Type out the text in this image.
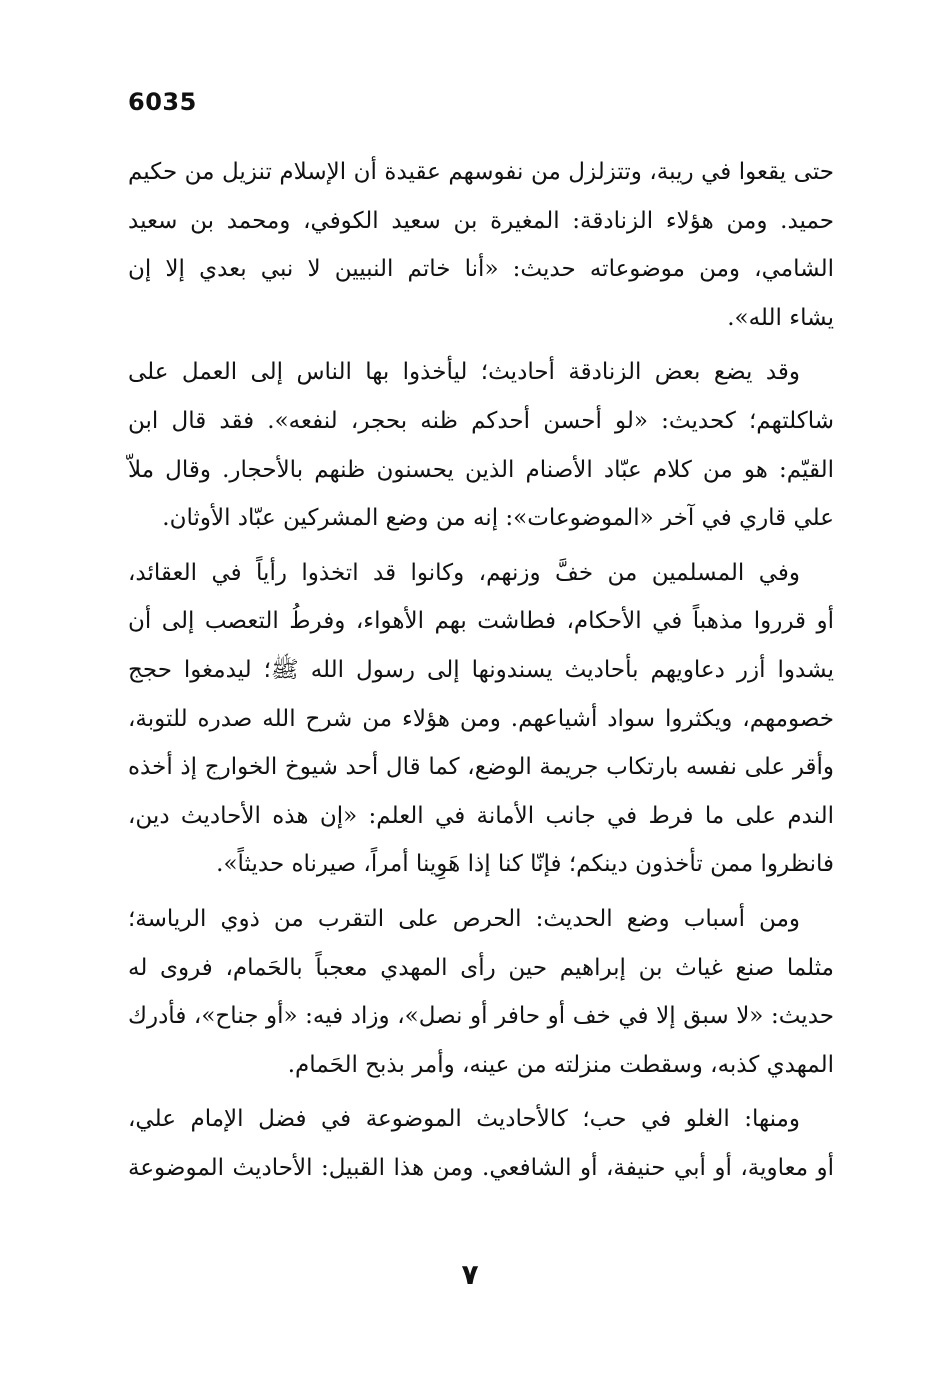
6035
حتى يقعوا في ريبة، وتتزلزل من نفوسهم عقيدة أن الإسلام تنزيل من حكيم
حميد. ومن هؤلاء الزنادقة: المغيرة بن سعيد الكوفي، ومحمد بن سعيد
الشامي، ومن موضوعاته حديث: «أنا خاتم النبيين لا نبي بعدي إلا إن
يشاء الله».
وقد يضع بعض الزنادقة أحاديث؛ ليأخذوا بها الناس إلى العمل على
شاكلتهم؛ كحديث: «لو أحسن أحدكم ظنه بحجر، لنفعه». فقد قال ابن
القيّم: هو من كلام عبّاد الأصنام الذين يحسنون ظنهم بالأحجار. وقال ملاّ
علي قاري في آخر «الموضوعات»: إنه من وضع المشركين عبّاد الأوثان.
وفي المسلمين من خفَّ وزنهم، وكانوا قد اتخذوا رأياً في العقائد،
أو قرروا مذهباً في الأحكام، فطاشت بهم الأهواء، وفرطُ التعصب إلى أن
يشدوا أزر دعاويهم بأحاديث يسندونها إلى رسول الله ﷺ؛ ليدمغوا حجج
خصومهم، ويكثروا سواد أشياعهم. ومن هؤلاء من شرح الله صدره للتوبة،
وأقر على نفسه بارتكاب جريمة الوضع، كما قال أحد شيوخ الخوارج إذ أخذه
الندم على ما فرط في جانب الأمانة في العلم: «إن هذه الأحاديث دين،
فانظروا ممن تأخذون دينكم؛ فإنّا كنا إذا هَوِينا أمراً، صيرناه حديثاً».
ومن أسباب وضع الحديث: الحرص على التقرب من ذوي الرياسة؛
مثلما صنع غياث بن إبراهيم حين رأى المهدي معجباً بالحَمام، فروى له
حديث: «لا سبق إلا في خف أو حافر أو نصل»، وزاد فيه: «أو جناح»، فأدرك
المهدي كذبه، وسقطت منزلته من عينه، وأمر بذبح الحَمام.
ومنها: الغلو في حب؛ كالأحاديث الموضوعة في فضل الإمام علي،
أو معاوية، أو أبي حنيفة، أو الشافعي. ومن هذا القبيل: الأحاديث الموضوعة
٧
